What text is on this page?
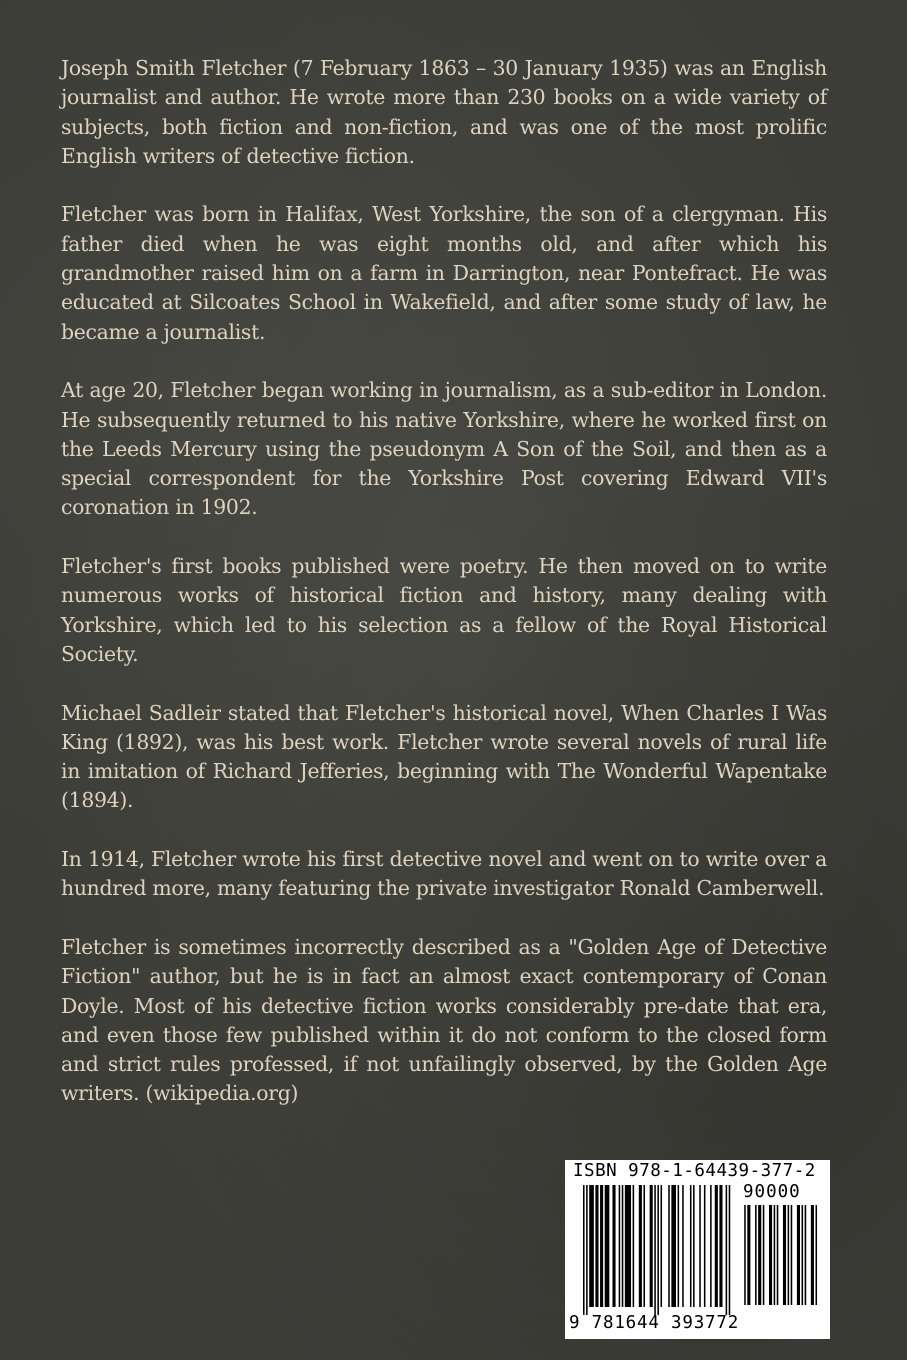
Joseph Smith Fletcher (7 February 1863 – 30 January 1935) was an English journalist and author. He wrote more than 230 books on a wide variety of subjects, both fiction and non-fiction, and was one of the most prolific English writers of detective fiction.

Fletcher was born in Halifax, West Yorkshire, the son of a clergyman. His father died when he was eight months old, and after which his grandmother raised him on a farm in Darrington, near Pontefract. He was educated at Silcoates School in Wakefield, and after some study of law, he became a journalist.

At age 20, Fletcher began working in journalism, as a sub-editor in London. He subsequently returned to his native Yorkshire, where he worked first on the Leeds Mercury using the pseudonym A Son of the Soil, and then as a special correspondent for the Yorkshire Post covering Edward VII's coronation in 1902.

Fletcher's first books published were poetry. He then moved on to write numerous works of historical fiction and history, many dealing with Yorkshire, which led to his selection as a fellow of the Royal Historical Society.

Michael Sadleir stated that Fletcher's historical novel, When Charles I Was King (1892), was his best work. Fletcher wrote several novels of rural life in imitation of Richard Jefferies, beginning with The Wonderful Wapentake (1894).

In 1914, Fletcher wrote his first detective novel and went on to write over a hundred more, many featuring the private investigator Ronald Camberwell.

Fletcher is sometimes incorrectly described as a "Golden Age of Detective Fiction" author, but he is in fact an almost exact contemporary of Conan Doyle. Most of his detective fiction works considerably pre-date that era, and even those few published within it do not conform to the closed form and strict rules professed, if not unfailingly observed, by the Golden Age writers. (wikipedia.org)

ISBN 978-1-64439-377-2
90000
9 781644 393772
